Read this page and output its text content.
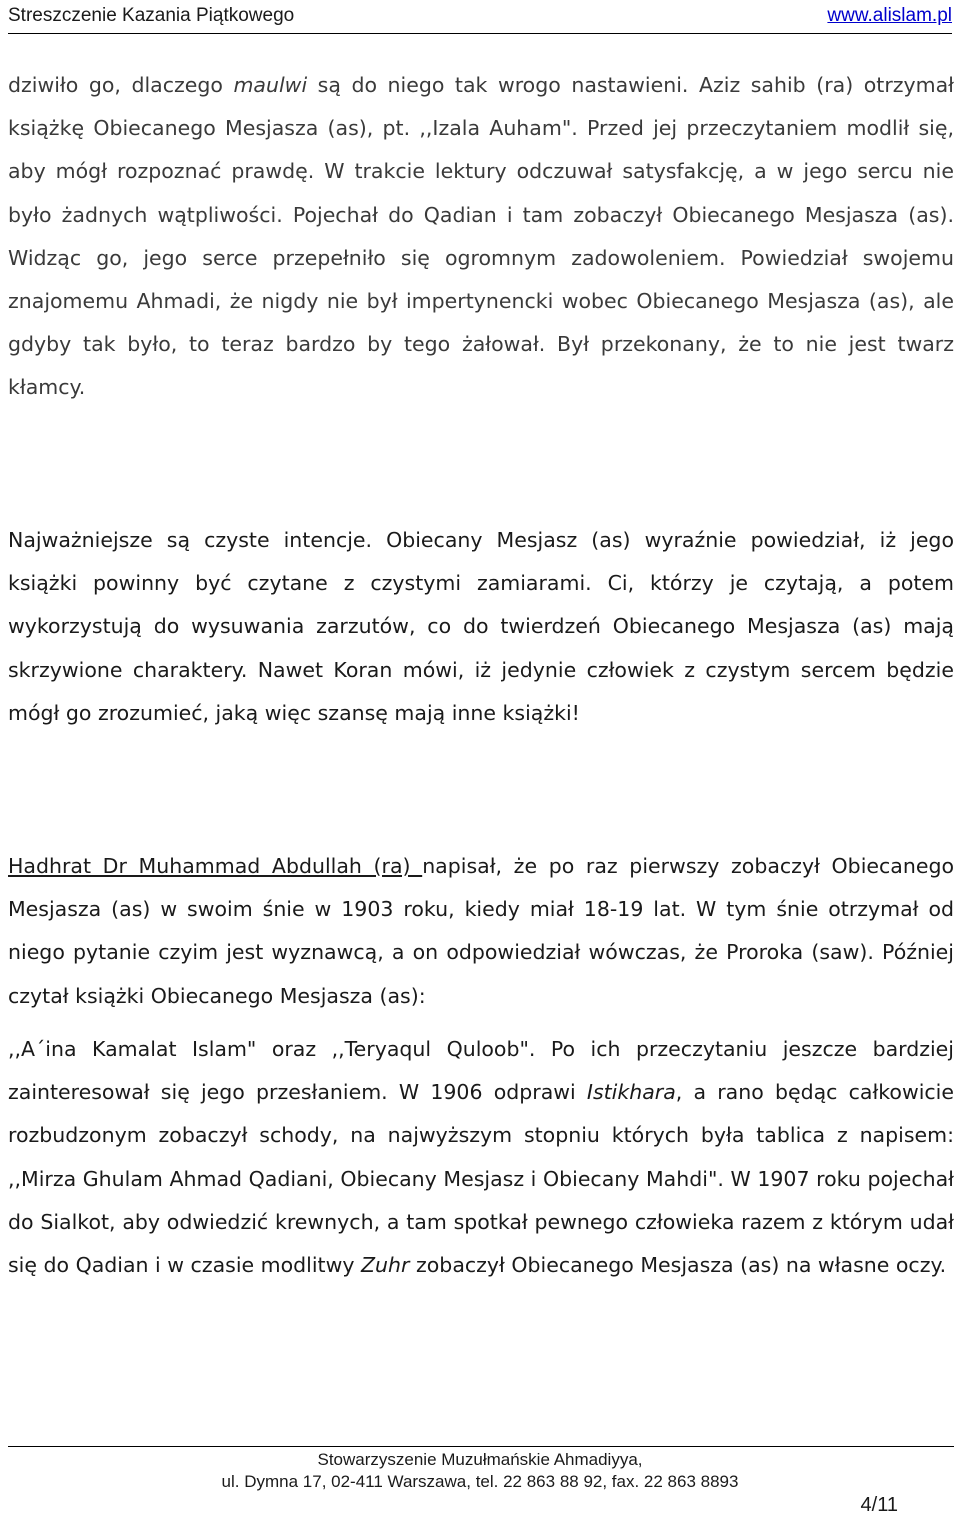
Streszczenie Kazania Piątkowego	www.alislam.pl

dziwiło go, dlaczego maulwi są do niego tak wrogo nastawieni. Aziz sahib (ra) otrzymał książkę Obiecanego Mesjasza (as), pt. ,,Izala Auham". Przed jej przeczytaniem modlił się, aby mógł rozpoznać prawdę. W trakcie lektury odczuwał satysfakcję, a w jego sercu nie było żadnych wątpliwości. Pojechał do Qadian i tam zobaczył Obiecanego Mesjasza (as). Widząc go, jego serce przepełniło się ogromnym zadowoleniem. Powiedział swojemu znajomemu Ahmadi, że nigdy nie był impertynencki wobec Obiecanego Mesjasza (as), ale gdyby tak było, to teraz bardzo by tego żałował. Był przekonany, że to nie jest twarz kłamcy.

Najważniejsze są czyste intencje. Obiecany Mesjasz (as) wyraźnie powiedział, iż jego książki powinny być czytane z czystymi zamiarami. Ci, którzy je czytają, a potem wykorzystują do wysuwania zarzutów, co do twierdzeń Obiecanego Mesjasza (as) mają skrzywione charaktery. Nawet Koran mówi, iż jedynie człowiek z czystym sercem będzie mógł go zrozumieć, jaką więc szansę mają inne książki!

Hadhrat Dr Muhammad Abdullah (ra) napisał, że po raz pierwszy zobaczył Obiecanego Mesjasza (as) w swoim śnie w 1903 roku, kiedy miał 18-19 lat. W tym śnie otrzymał od niego pytanie czyim jest wyznawcą, a on odpowiedział wówczas, że Proroka (saw). Później czytał książki Obiecanego Mesjasza (as):

,,A´ina Kamalat Islam" oraz ,,Teryaqul Quloob". Po ich przeczytaniu jeszcze bardziej zainteresował się jego przesłaniem. W 1906 odprawi Istikhara, a rano będąc całkowicie rozbudzonym zobaczył schody, na najwyższym stopniu których była tablica z napisem: ,,Mirza Ghulam Ahmad Qadiani, Obiecany Mesjasz i Obiecany Mahdi". W 1907 roku pojechał do Sialkot, aby odwiedzić krewnych, a tam spotkał pewnego człowieka razem z którym udał się do Qadian i w czasie modlitwy Zuhr zobaczył Obiecanego Mesjasza (as) na własne oczy.

Stowarzyszenie Muzułmańskie Ahmadiyya,
ul. Dymna 17, 02-411 Warszawa, tel. 22 863 88 92, fax. 22 863 8893
4/11
